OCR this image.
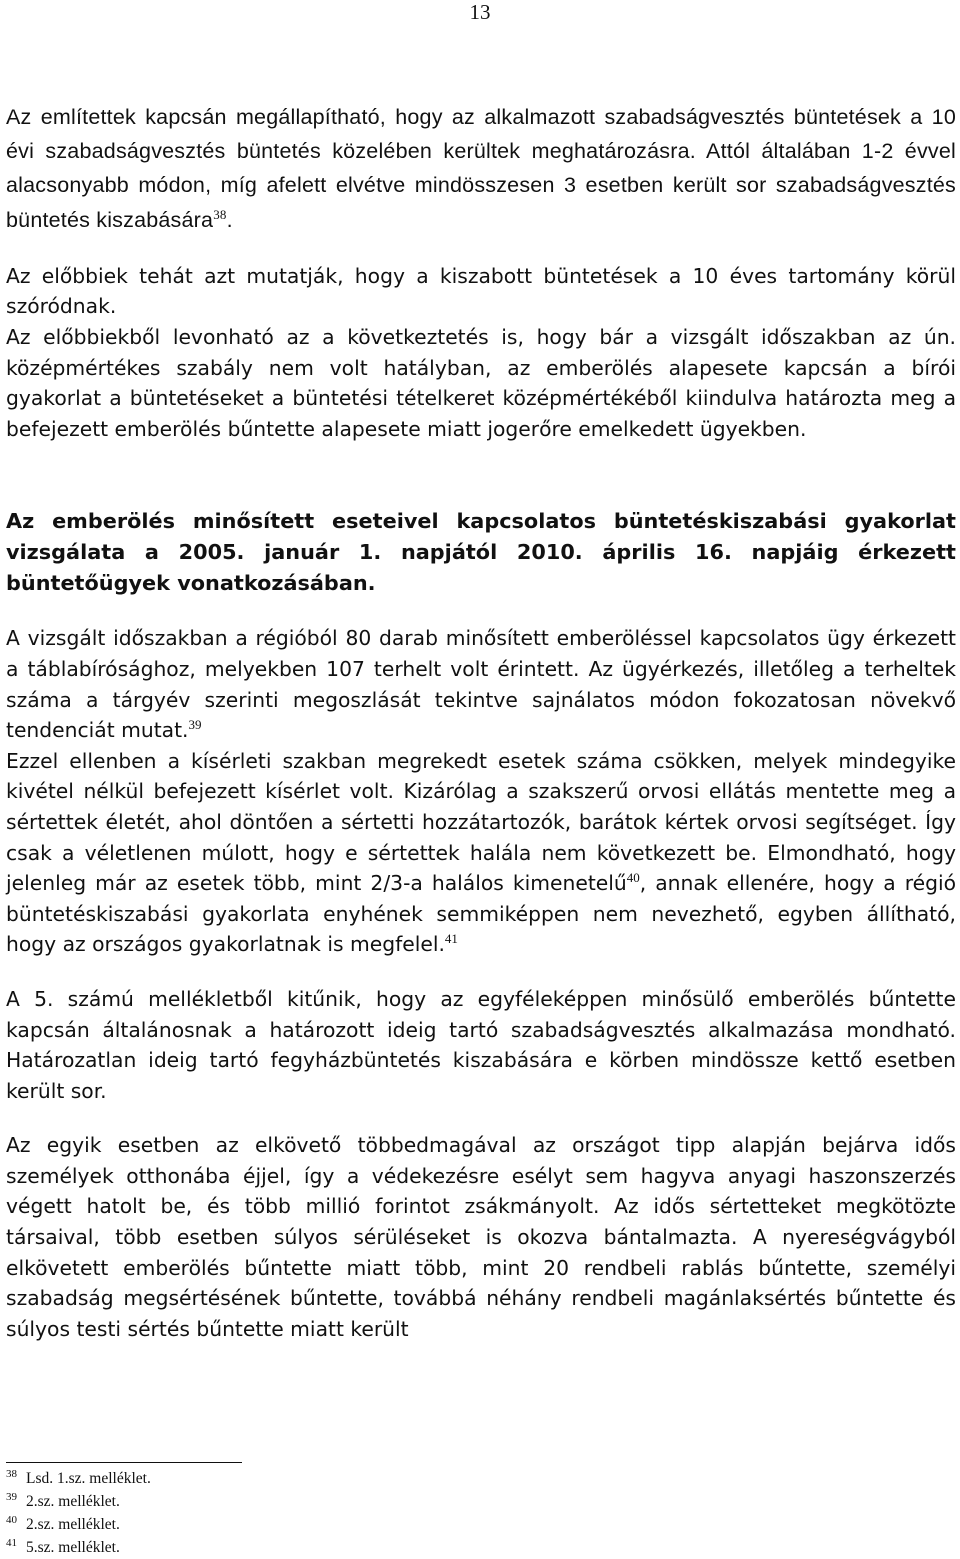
13

Az említettek kapcsán megállapítható, hogy az alkalmazott szabadságvesztés büntetések a 10 évi szabadságvesztés büntetés közelében kerültek meghatározásra. Attól általában 1-2 évvel alacsonyabb módon, míg afelett elvétve mindösszesen 3 esetben került sor szabadságvesztés büntetés kiszabására$^{38}$.

Az előbbiek tehát azt mutatják, hogy a kiszabott büntetések a 10 éves tartomány körül szóródnak.

Az előbbiekből levonható az a következtetés is, hogy bár a vizsgált időszakban az ún. középmértékes szabály nem volt hatályban, az emberölés alapesete kapcsán a bírói gyakorlat a büntetéseket a büntetési tételkeret középmértékéből kiindulva határozta meg a befejezett emberölés bűntette alapesete miatt jogerőre emelkedett ügyekben.

Az emberölés minősített eseteivel kapcsolatos büntetéskiszabási gyakorlat vizsgálata a 2005. január 1. napjától 2010. április 16. napjáig érkezett büntetőügyek vonatkozásában.

A vizsgált időszakban a régióból 80 darab minősített emberöléssel kapcsolatos ügy érkezett a táblabírósághoz, melyekben 107 terhelt volt érintett. Az ügyérkezés, illetőleg a terheltek száma a tárgyév szerinti megoszlását tekintve sajnálatos módon fokozatosan növekvő tendenciát mutat.$^{39}$

Ezzel ellenben a kísérleti szakban megrekedt esetek száma csökken, melyek mindegyike kivétel nélkül befejezett kísérlet volt. Kizárólag a szakszerű orvosi ellátás mentette meg a sértettek életét, ahol döntően a sértetti hozzátartozók, barátok kértek orvosi segítséget. Így csak a véletlenen múlott, hogy e sértettek halála nem következett be. Elmondható, hogy jelenleg már az esetek több, mint 2/3-a halálos kimenetelű$^{40}$, annak ellenére, hogy a régió büntetéskiszabási gyakorlata enyhének semmiképpen nem nevezhető, egyben állítható, hogy az országos gyakorlatnak is megfelel.$^{41}$

A 5. számú mellékletből kitűnik, hogy az egyféleképpen minősülő emberölés bűntette kapcsán általánosnak a határozott ideig tartó szabadságvesztés alkalmazása mondható. Határozatlan ideig tartó fegyházbüntetés kiszabására e körben mindössze kettő esetben került sor.

Az egyik esetben az elkövető többedmagával az országot tipp alapján bejárva idős személyek otthonába éjjel, így a védekezésre esélyt sem hagyva anyagi haszonszerzés végett hatolt be, és több millió forintot zsákmányolt. Az idős sértetteket megkötözte társaival, több esetben súlyos sérüléseket is okozva bántalmazta. A nyereségvágyból elkövetett emberölés bűntette miatt több, mint 20 rendbeli rablás bűntette, személyi szabadság megsértésének bűntette, továbbá néhány rendbeli magánlaksértés bűntette és súlyos testi sértés bűntette miatt került

$^{38}$ Lsd. 1.sz. melléklet.

$^{39}$ 2.sz. melléklet.

$^{40}$ 2.sz. melléklet.

$^{41}$ 5.sz. melléklet.
